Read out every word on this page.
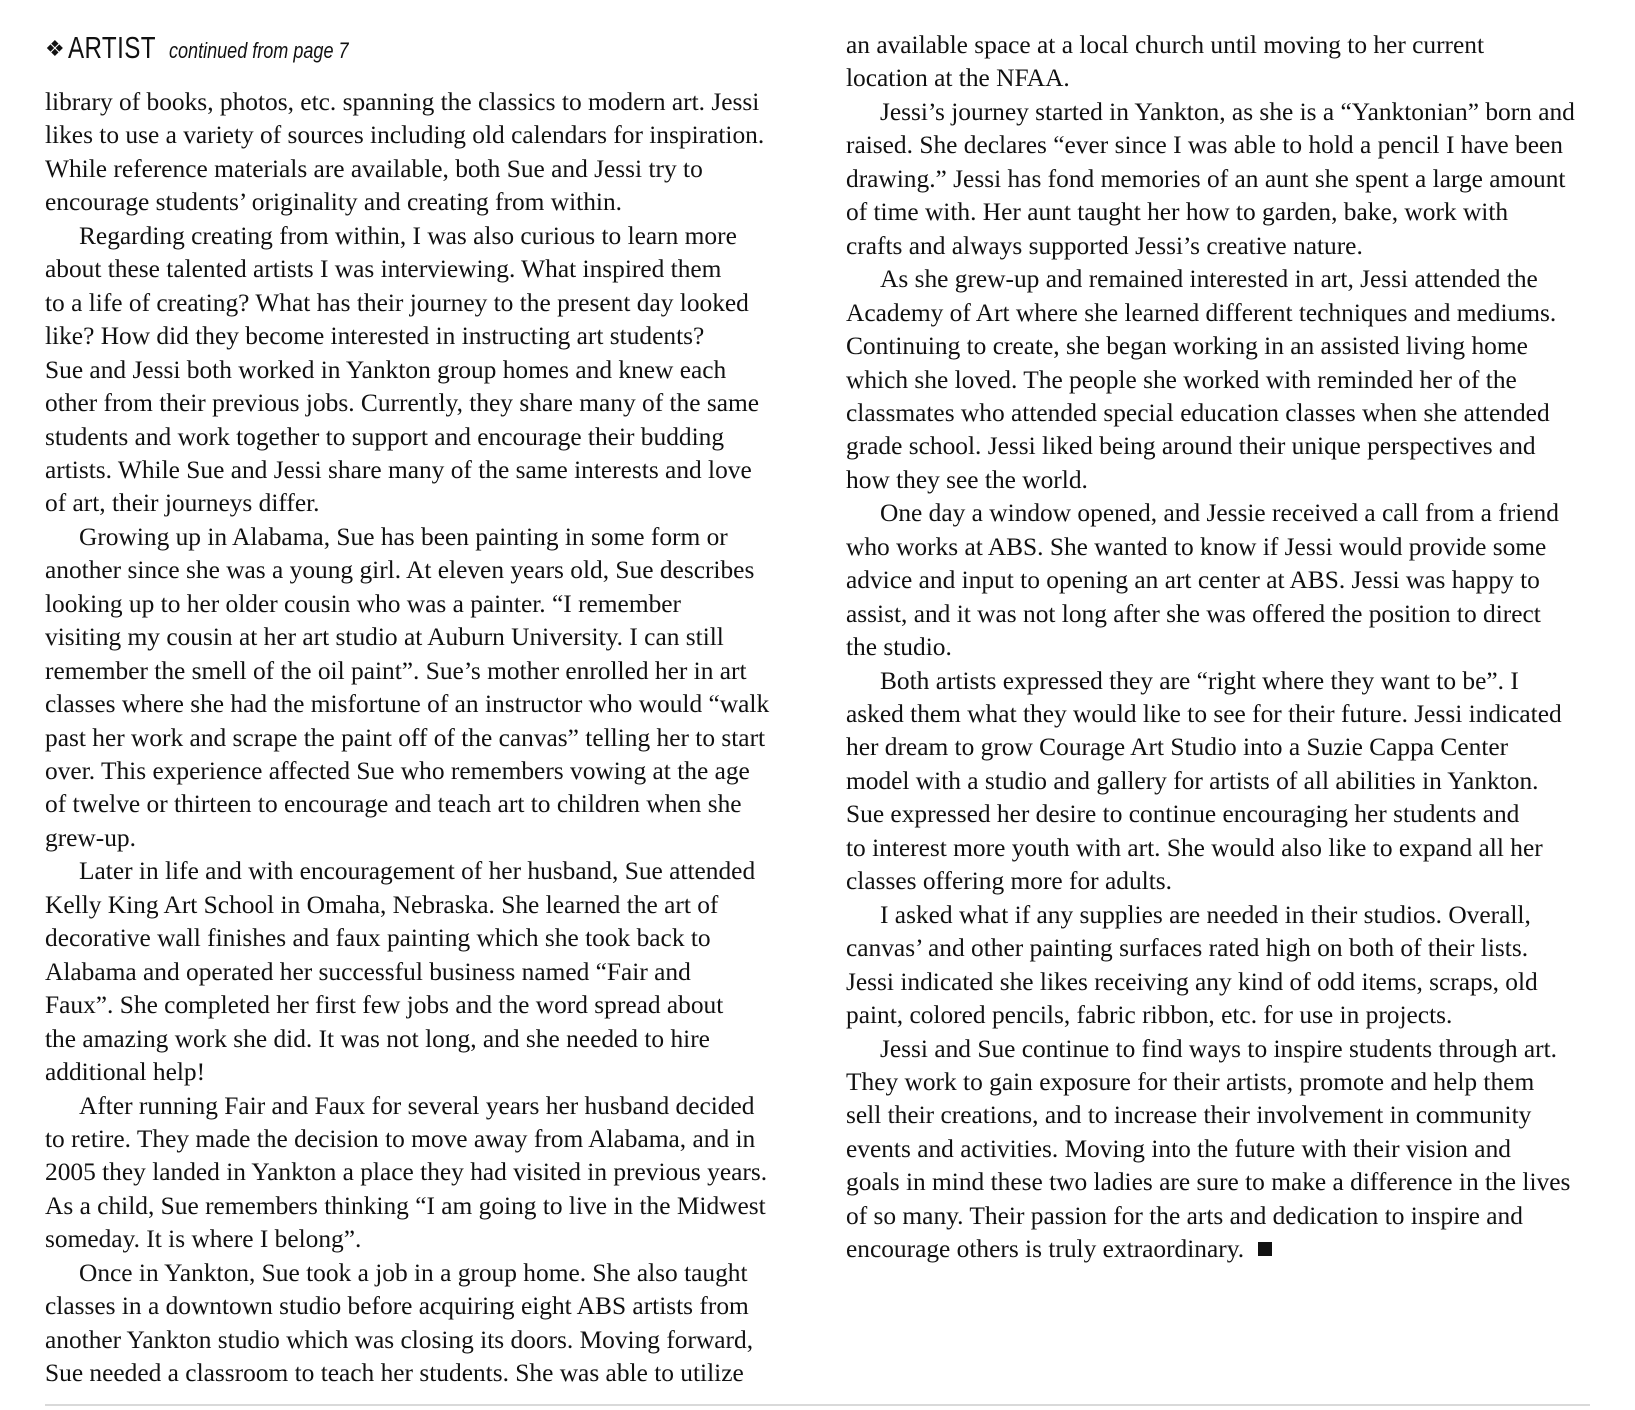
❖ ARTIST continued from page 7
library of books, photos, etc. spanning the classics to modern art. Jessi
likes to use a variety of sources including old calendars for inspiration.
While reference materials are available, both Sue and Jessi try to
encourage students’ originality and creating from within.
Regarding creating from within, I was also curious to learn more
about these talented artists I was interviewing. What inspired them
to a life of creating? What has their journey to the present day looked
like? How did they become interested in instructing art students?
Sue and Jessi both worked in Yankton group homes and knew each
other from their previous jobs. Currently, they share many of the same
students and work together to support and encourage their budding
artists. While Sue and Jessi share many of the same interests and love
of art, their journeys differ.
Growing up in Alabama, Sue has been painting in some form or
another since she was a young girl. At eleven years old, Sue describes
looking up to her older cousin who was a painter. “I remember
visiting my cousin at her art studio at Auburn University. I can still
remember the smell of the oil paint”. Sue’s mother enrolled her in art
classes where she had the misfortune of an instructor who would “walk
past her work and scrape the paint off of the canvas” telling her to start
over. This experience affected Sue who remembers vowing at the age
of twelve or thirteen to encourage and teach art to children when she
grew-up.
Later in life and with encouragement of her husband, Sue attended
Kelly King Art School in Omaha, Nebraska. She learned the art of
decorative wall finishes and faux painting which she took back to
Alabama and operated her successful business named “Fair and
Faux”. She completed her first few jobs and the word spread about
the amazing work she did. It was not long, and she needed to hire
additional help!
After running Fair and Faux for several years her husband decided
to retire. They made the decision to move away from Alabama, and in
2005 they landed in Yankton a place they had visited in previous years.
As a child, Sue remembers thinking “I am going to live in the Midwest
someday. It is where I belong”.
Once in Yankton, Sue took a job in a group home. She also taught
classes in a downtown studio before acquiring eight ABS artists from
another Yankton studio which was closing its doors. Moving forward,
Sue needed a classroom to teach her students. She was able to utilize
an available space at a local church until moving to her current
location at the NFAA.
Jessi’s journey started in Yankton, as she is a “Yanktonian” born and
raised. She declares “ever since I was able to hold a pencil I have been
drawing.” Jessi has fond memories of an aunt she spent a large amount
of time with. Her aunt taught her how to garden, bake, work with
crafts and always supported Jessi’s creative nature.
As she grew-up and remained interested in art, Jessi attended the
Academy of Art where she learned different techniques and mediums.
Continuing to create, she began working in an assisted living home
which she loved. The people she worked with reminded her of the
classmates who attended special education classes when she attended
grade school. Jessi liked being around their unique perspectives and
how they see the world.
One day a window opened, and Jessie received a call from a friend
who works at ABS. She wanted to know if Jessi would provide some
advice and input to opening an art center at ABS. Jessi was happy to
assist, and it was not long after she was offered the position to direct
the studio.
Both artists expressed they are “right where they want to be”. I
asked them what they would like to see for their future. Jessi indicated
her dream to grow Courage Art Studio into a Suzie Cappa Center
model with a studio and gallery for artists of all abilities in Yankton.
Sue expressed her desire to continue encouraging her students and
to interest more youth with art. She would also like to expand all her
classes offering more for adults.
I asked what if any supplies are needed in their studios. Overall,
canvas’ and other painting surfaces rated high on both of their lists.
Jessi indicated she likes receiving any kind of odd items, scraps, old
paint, colored pencils, fabric ribbon, etc. for use in projects.
Jessi and Sue continue to find ways to inspire students through art.
They work to gain exposure for their artists, promote and help them
sell their creations, and to increase their involvement in community
events and activities. Moving into the future with their vision and
goals in mind these two ladies are sure to make a difference in the lives
of so many. Their passion for the arts and dedication to inspire and
encourage others is truly extraordinary.
